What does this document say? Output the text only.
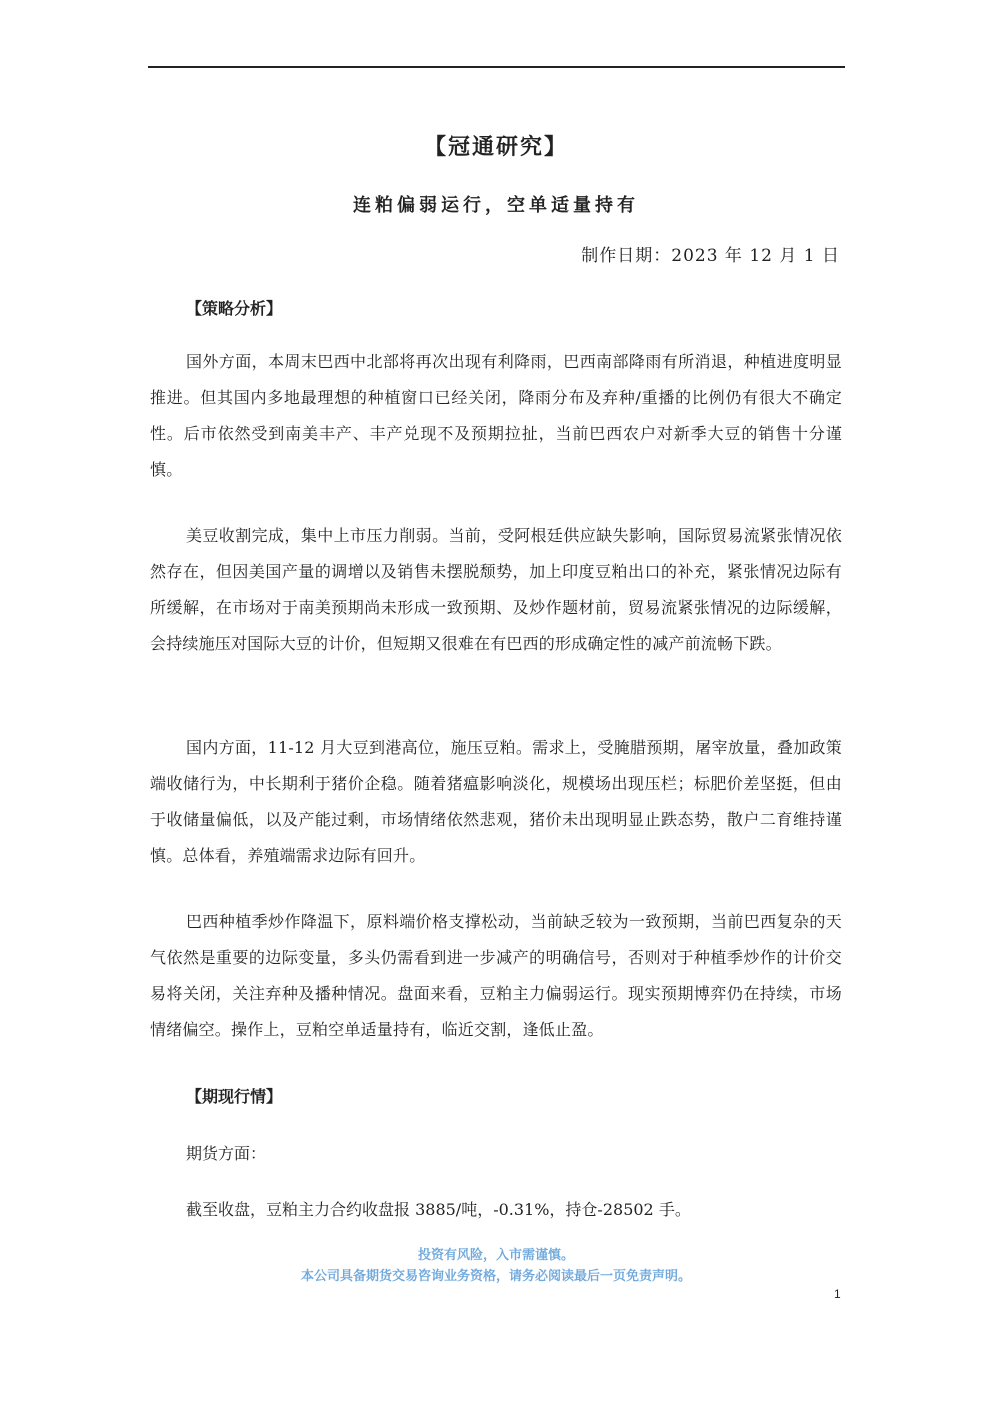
【冠通研究】
连粕偏弱运行，空单适量持有
制作日期：2023 年 12 月 1 日
【策略分析】
国外方面，本周末巴西中北部将再次出现有利降雨，巴西南部降雨有所消退，种植进度明显推进。但其国内多地最理想的种植窗口已经关闭，降雨分布及弃种/重播的比例仍有很大不确定性。后市依然受到南美丰产、丰产兑现不及预期拉扯，当前巴西农户对新季大豆的销售十分谨慎。
美豆收割完成，集中上市压力削弱。当前，受阿根廷供应缺失影响，国际贸易流紧张情况依然存在，但因美国产量的调增以及销售未摆脱颓势，加上印度豆粕出口的补充，紧张情况边际有所缓解，在市场对于南美预期尚未形成一致预期、及炒作题材前，贸易流紧张情况的边际缓解，会持续施压对国际大豆的计价，但短期又很难在有巴西的形成确定性的减产前流畅下跌。
国内方面，11-12 月大豆到港高位，施压豆粕。需求上，受腌腊预期，屠宰放量，叠加政策端收储行为，中长期利于猪价企稳。随着猪瘟影响淡化，规模场出现压栏；标肥价差坚挺，但由于收储量偏低，以及产能过剩，市场情绪依然悲观，猪价未出现明显止跌态势，散户二育维持谨慎。总体看，养殖端需求边际有回升。
巴西种植季炒作降温下，原料端价格支撑松动，当前缺乏较为一致预期，当前巴西复杂的天气依然是重要的边际变量，多头仍需看到进一步减产的明确信号，否则对于种植季炒作的计价交易将关闭，关注弃种及播种情况。盘面来看，豆粕主力偏弱运行。现实预期博弈仍在持续，市场情绪偏空。操作上，豆粕空单适量持有，临近交割，逢低止盈。
【期现行情】
期货方面：
截至收盘，豆粕主力合约收盘报 3885/吨，-0.31%，持仓-28502 手。
投资有风险，入市需谨慎。
本公司具备期货交易咨询业务资格，请务必阅读最后一页免责声明。
1
